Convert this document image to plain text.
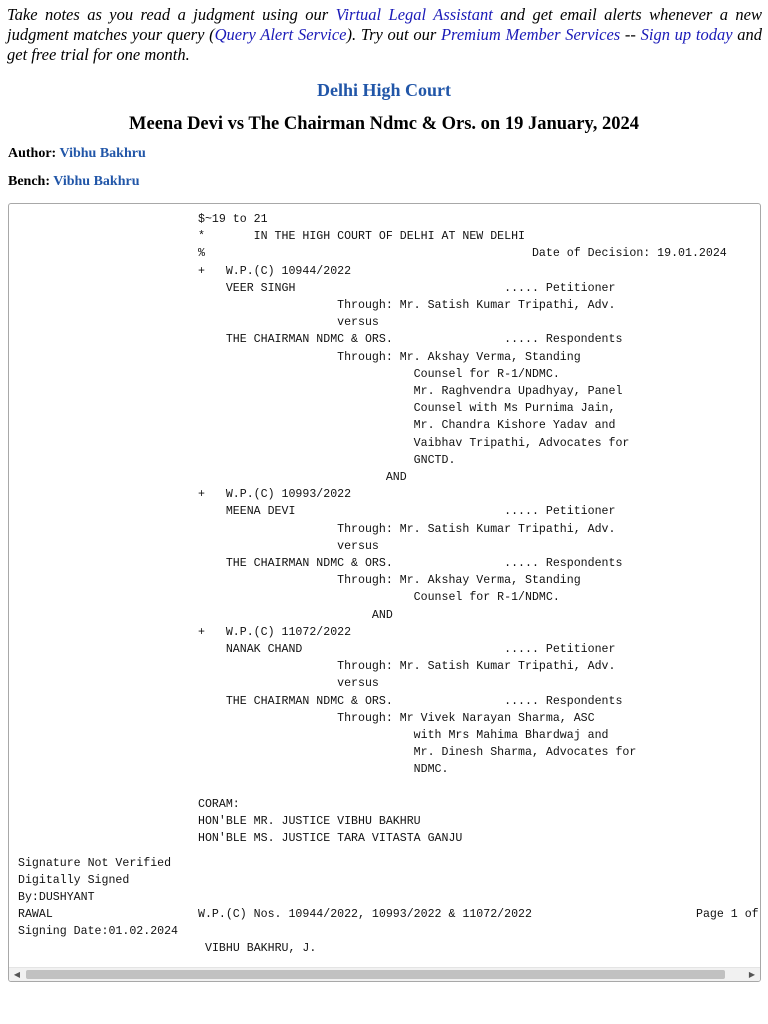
Take notes as you read a judgment using our Virtual Legal Assistant and get email alerts whenever a new judgment matches your query (Query Alert Service). Try out our Premium Member Services -- Sign up today and get free trial for one month.
Delhi High Court
Meena Devi vs The Chairman Ndmc & Ors. on 19 January, 2024
Author: Vibhu Bakhru
Bench: Vibhu Bakhru
$~19 to 21
*       IN THE HIGH COURT OF DELHI AT NEW DELHI
%                                               Date of Decision: 19.01.2024
+   W.P.(C) 10944/2022
VEER SINGH                              ..... Petitioner
Through: Mr. Satish Kumar Tripathi, Adv.
versus
THE CHAIRMAN NDMC & ORS.                ..... Respondents
Through: Mr. Akshay Verma, Standing
Counsel for R-1/NDMC.
Mr. Raghvendra Upadhyay, Panel
Counsel with Ms Purnima Jain,
Mr. Chandra Kishore Yadav and
Vaibhav Tripathi, Advocates for
GNCTD.
AND
+   W.P.(C) 10993/2022
MEENA DEVI                              ..... Petitioner
Through: Mr. Satish Kumar Tripathi, Adv.
versus
THE CHAIRMAN NDMC & ORS.                ..... Respondents
Through: Mr. Akshay Verma, Standing
Counsel for R-1/NDMC.
AND
+   W.P.(C) 11072/2022
NANAK CHAND                             ..... Petitioner
Through: Mr. Satish Kumar Tripathi, Adv.
versus
THE CHAIRMAN NDMC & ORS.                ..... Respondents
Through: Mr Vivek Narayan Sharma, ASC
with Mrs Mahima Bhardwaj and
Mr. Dinesh Sharma, Advocates for
NDMC.
CORAM:
HON'BLE MR. JUSTICE VIBHU BAKHRU
HON'BLE MS. JUSTICE TARA VITASTA GANJU
Signature Not Verified
Digitally Signed
By:DUSHYANT
RAWAL
Signing Date:01.02.2024

W.P.(C) Nos. 10944/2022, 10993/2022 & 11072/2022

	Page 1 of

VIBHU BAKHRU, J.

◀	▶
